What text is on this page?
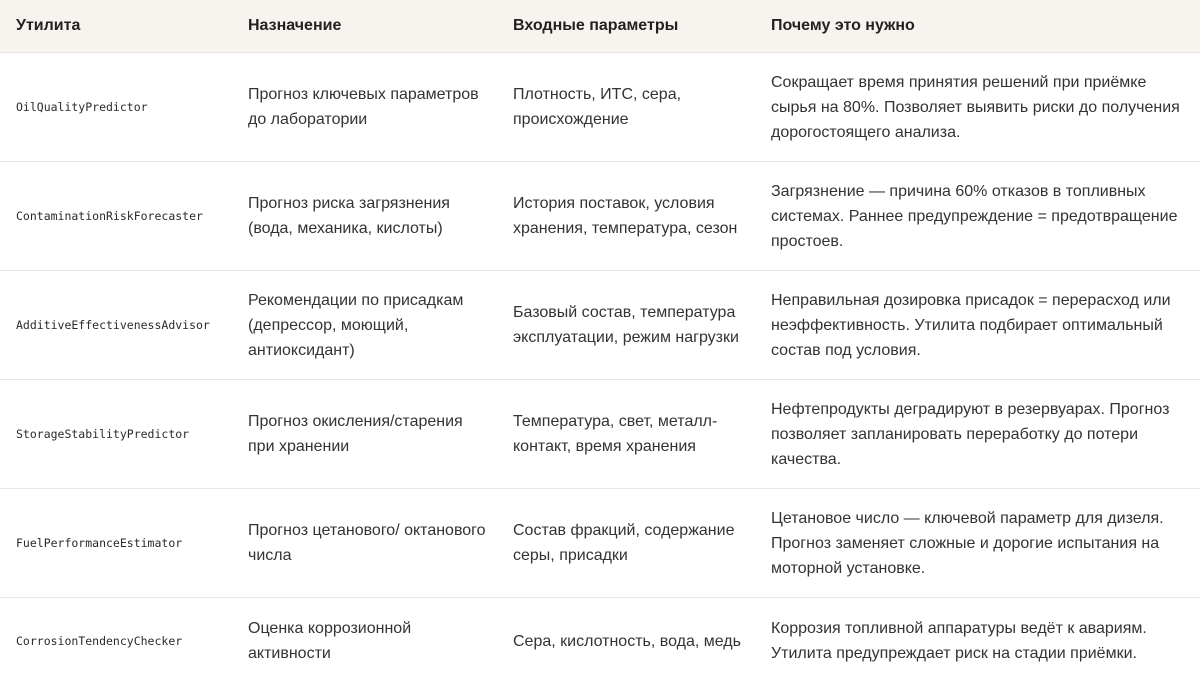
Утилита	Назначение	Входные параметры	Почему это нужно
OilQualityPredictor	Прогноз ключевых параметров до лаборатории	Плотность, ИТС, сера, происхождение	Сокращает время принятия решений при приёмке сырья на 80%. Позволяет выявить риски до получения дорогостоящего анализа.
ContaminationRiskForecaster	Прогноз риска загрязнения (вода, механика, кислоты)	История поставок, условия хранения, температура, сезон	Загрязнение — причина 60% отказов в топливных системах. Раннее предупреждение = предотвращение простоев.
AdditiveEffectivenessAdvisor	Рекомендации по присадкам (депрессор, моющий, антиоксидант)	Базовый состав, температура эксплуатации, режим нагрузки	Неправильная дозировка присадок = перерасход или неэффективность. Утилита подбирает оптимальный состав под условия.
StorageStabilityPredictor	Прогноз окисления/старения при хранении	Температура, свет, металл-контакт, время хранения	Нефтепродукты деградируют в резервуарах. Прогноз позволяет запланировать переработку до потери качества.
FuelPerformanceEstimator	Прогноз цетанового/ октанового числа	Состав фракций, содержание серы, присадки	Цетановое число — ключевой параметр для дизеля. Прогноз заменяет сложные и дорогие испытания на моторной установке.
CorrosionTendencyChecker	Оценка коррозионной активности	Сера, кислотность, вода, медь	Коррозия топливной аппаратуры ведёт к авариям. Утилита предупреждает риск на стадии приёмки.
